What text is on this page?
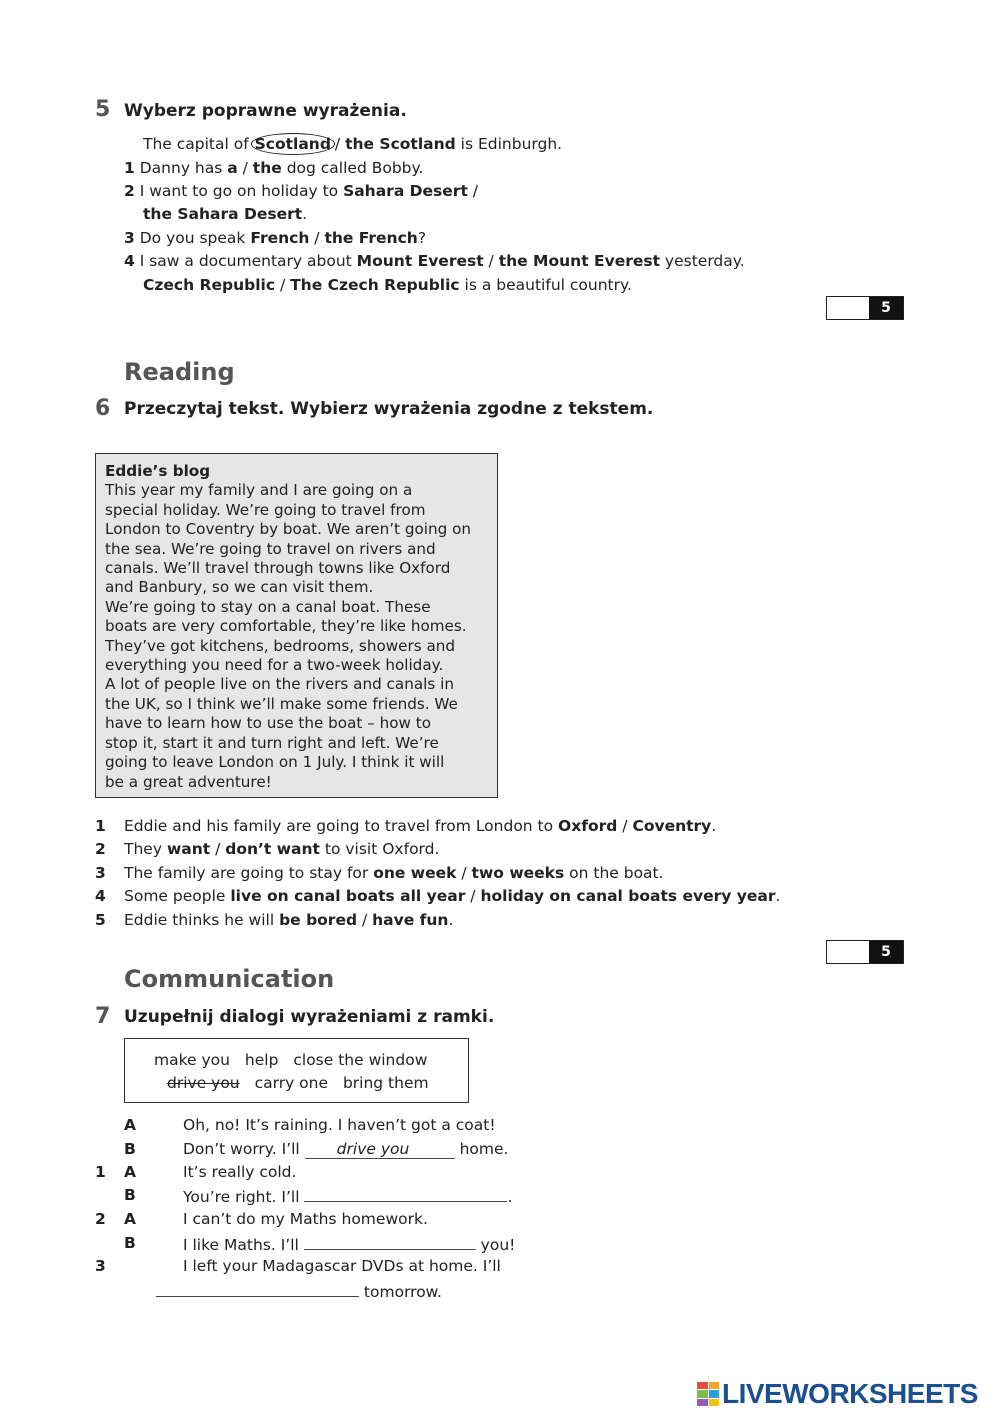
5 Wyberz poprawne wyrażenia.
The capital of Scotland / the Scotland is Edinburgh.
1 Danny has a / the dog called Bobby.
2 I want to go on holiday to Sahara Desert /
the Sahara Desert.
3 Do you speak French / the French?
4 I saw a documentary about Mount Everest / the Mount Everest yesterday.
Czech Republic / The Czech Republic is a beautiful country.
5
Reading
6 Przeczytaj tekst. Wybierz wyrażenia zgodne z tekstem.

Eddie’s blog

This year my family and I are going on a

special holiday. We’re going to travel from

London to Coventry by boat. We aren’t going on

the sea. We’re going to travel on rivers and

canals. We’ll travel through towns like Oxford

and Banbury, so we can visit them.

We’re going to stay on a canal boat. These

boats are very comfortable, they’re like homes.

They’ve got kitchens, bedrooms, showers and

everything you need for a two-week holiday.

A lot of people live on the rivers and canals in

the UK, so I think we’ll make some friends. We

have to learn how to use the boat – how to

stop it, start it and turn right and left. We’re

going to leave London on 1 July. I think it will

be a great adventure!

1 Eddie and his family are going to travel from London to Oxford / Coventry.
2 They want / don’t want to visit Oxford.
3 The family are going to stay for one week / two weeks on the boat.
4 Some people live on canal boats all year / holiday on canal boats every year.
5 Eddie thinks he will be bored / have fun.
5
Communication
7 Uzupełnij dialogi wyrażeniami z ramki.
make you help close the window
drive you carry one bring them
A	Oh, no! It’s raining. I haven’t got a coat!
B	Don’t worry. I’ll drive you	home.
1 A	It’s really cold.
B	You’re right. I’ll	.
2 A	I can’t do my Maths homework.
B	I like Maths. I’ll	you!
3	I left your Madagascar DVDs at home. I’ll
tomorrow.
LIVEWORKSHEETS
